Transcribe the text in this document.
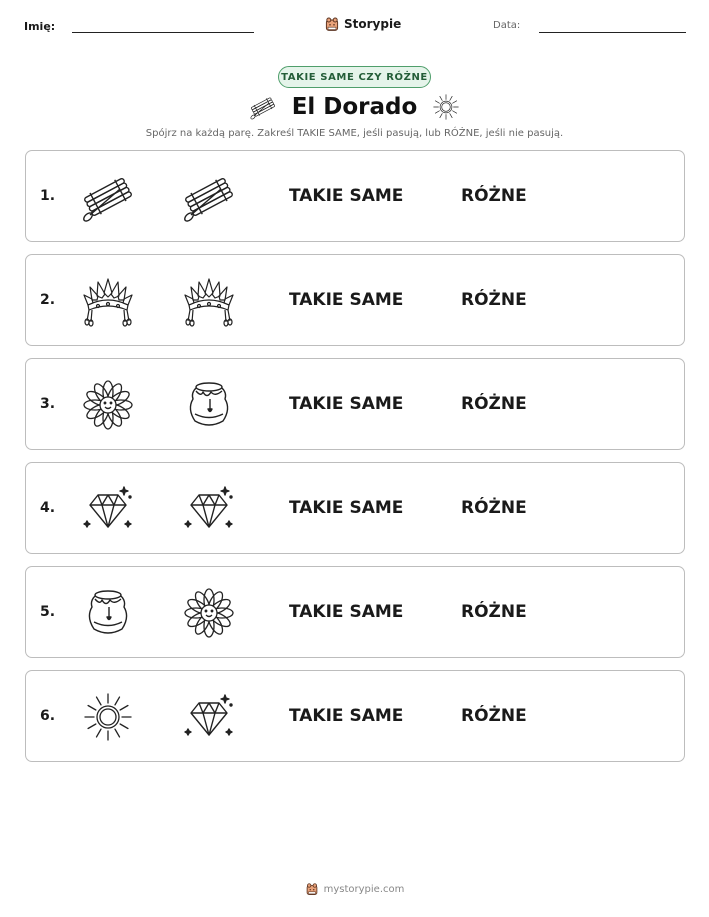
Imię:	Storypie	Data:
TAKIE SAME CZY RÓŻNE
El Dorado
Spójrz na każdą parę. Zakreśl TAKIE SAME, jeśli pasują, lub RÓŻNE, jeśli nie pasują.
1.	TAKIE SAME	RÓŻNE
2.	TAKIE SAME	RÓŻNE
3.	TAKIE SAME	RÓŻNE
4.	TAKIE SAME	RÓŻNE
5.	TAKIE SAME	RÓŻNE
6.	TAKIE SAME	RÓŻNE
mystorypie.com
